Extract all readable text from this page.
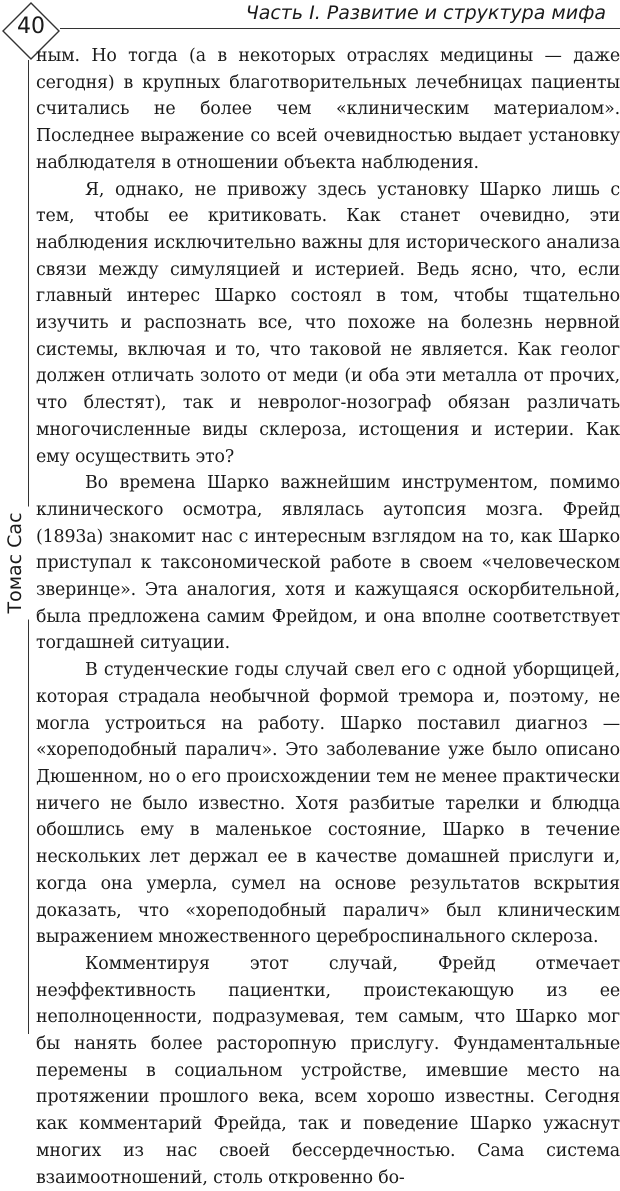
40
Часть I. Развитие и структура мифа
Томас Сас

ным. Но тогда (а в некоторых отраслях медицины — даже сегодня) в крупных благотворительных лечебницах пациенты считались не более чем «клиническим материалом». Последнее выражение со всей очевидностью выдает установку наблюдателя в отношении объекта наблюдения.

Я, однако, не привожу здесь установку Шарко лишь с тем, чтобы ее критиковать. Как станет очевидно, эти наблюдения исключительно важны для исторического анализа связи между симуляцией и истерией. Ведь ясно, что, если главный интерес Шарко состоял в том, чтобы тщательно изучить и распознать все, что похоже на болезнь нервной системы, включая и то, что таковой не является. Как геолог должен отличать золото от меди (и оба эти металла от прочих, что блестят), так и невролог-нозограф обязан различать многочисленные виды склероза, истощения и истерии. Как ему осуществить это?

Во времена Шарко важнейшим инструментом, помимо клинического осмотра, являлась аутопсия мозга. Фрейд (1893а) знакомит нас с интересным взглядом на то, как Шарко приступал к таксономической работе в своем «человеческом зверинце». Эта аналогия, хотя и кажущаяся оскорбительной, была предложена самим Фрейдом, и она вполне соответствует тогдашней ситуации.

В студенческие годы случай свел его с одной уборщицей, которая страдала необычной формой тремора и, поэтому, не могла устроиться на работу. Шарко поставил диагноз — «хореподобный паралич». Это заболевание уже было описано Дюшенном, но о его происхождении тем не менее практически ничего не было известно. Хотя разбитые тарелки и блюдца обошлись ему в маленькое состояние, Шарко в течение нескольких лет держал ее в качестве домашней прислуги и, когда она умерла, сумел на основе результатов вскрытия доказать, что «хореподобный паралич» был клиническим выражением множественного цереброспинального склероза.

Комментируя этот случай, Фрейд отмечает неэффективность пациентки, проистекающую из ее неполноценности, подразумевая, тем самым, что Шарко мог бы нанять более расторопную прислугу. Фундаментальные перемены в социальном устройстве, имевшие место на протяжении прошлого века, всем хорошо известны. Сегодня как комментарий Фрейда, так и поведение Шарко ужаснут многих из нас своей бессердечностью. Сама система взаимоотношений, столь откровенно бо-
